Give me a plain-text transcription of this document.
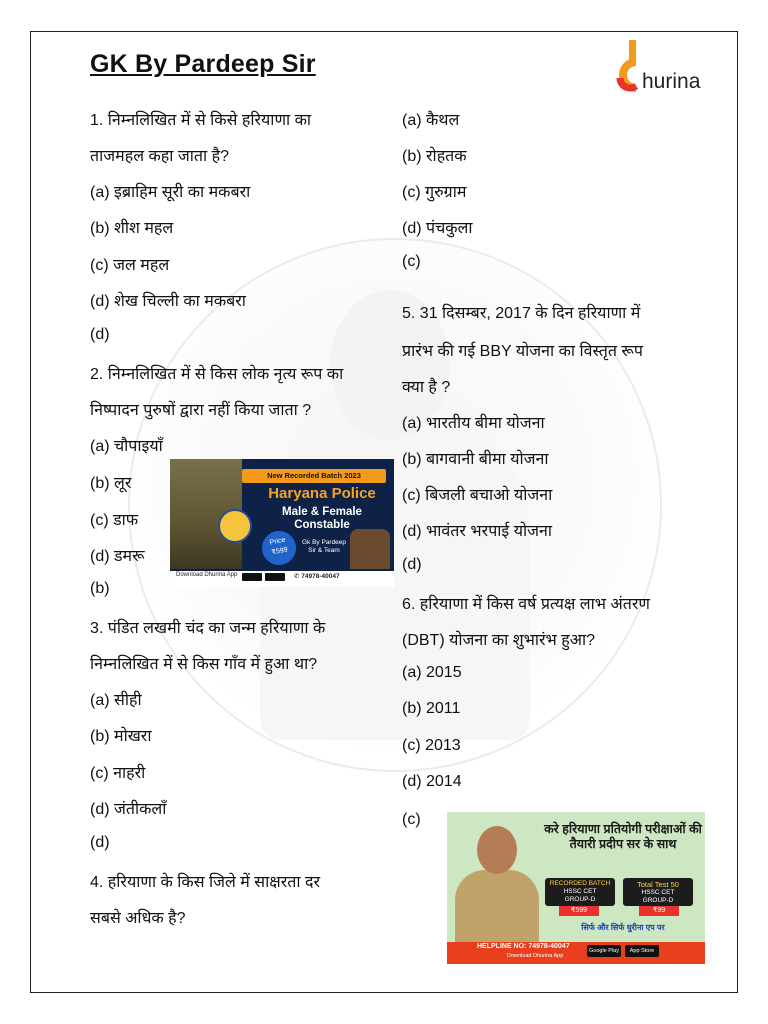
GK By Pardeep Sir
hurina
1. निम्नलिखित में से किसे हरियाणा का
ताजमहल कहा जाता है?
(a) इब्राहिम सूरी का मकबरा
(b) शीश महल
(c) जल महल
(d) शेख चिल्ली का मकबरा
(d)
2. निम्नलिखित में से किस लोक नृत्य रूप का
निष्पादन पुरुषों द्वारा नहीं किया जाता ?
(a) चौपाइयाँ
(b) लूर
(c) डाफ
(d) डमरू
(b)
3. पंडित लखमी चंद का जन्म हरियाणा के
निम्नलिखित में से किस गाँव में हुआ था?
(a) सीही
(b) मोखरा
(c) नाहरी
(d) जंतीकलाँ
(d)
4. हरियाणा के किस जिले में साक्षरता दर
सबसे अधिक है?
(a) कैथल
(b) रोहतक
(c) गुरुग्राम
(d) पंचकुला
(c)
5. 31 दिसम्बर, 2017 के दिन हरियाणा में
प्रारंभ की गई BBY योजना का विस्तृत रूप
क्या है ?
(a) भारतीय बीमा योजना
(b) बागवानी बीमा योजना
(c) बिजली बचाओ योजना
(d) भावंतर भरपाई योजना
(d)
6. हरियाणा में किस वर्ष प्रत्यक्ष लाभ अंतरण
(DBT) योजना का शुभारंभ हुआ?
(a) 2015
(b) 2011
(c) 2013
(d) 2014
(c)
New Recorded Batch 2023
Haryana Police
Male & Female
Constable
Price
₹599
Gk By Pardeep Sir & Team
Download Dhurina App	✆ 74978-40047
करे हरियाणा प्रतियोगी परीक्षाओं की तैयारी प्रदीप सर के साथ
RECORDED BATCH
HSSC CET
GROUP-D
Total Test 50
HSSC CET
GROUP-D
₹599	₹99
सिर्फ और सिर्फ धुरीना एप पर
HELPLINE NO: 74978-40047
Download Dhurina App
Google Play	App Store
